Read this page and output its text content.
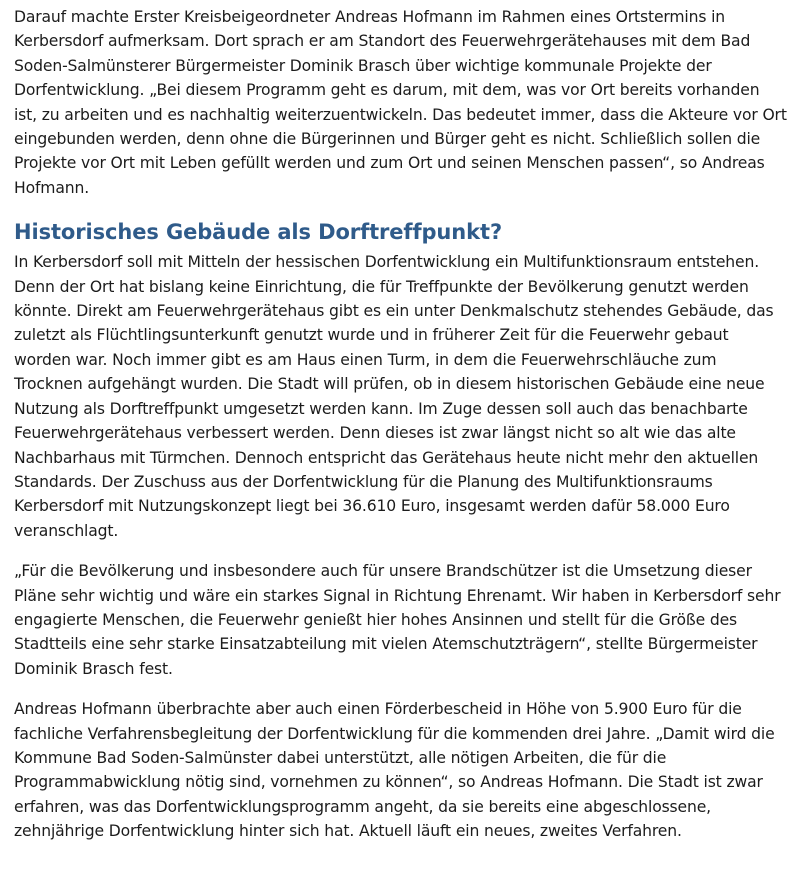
Darauf machte Erster Kreisbeigeordneter Andreas Hofmann im Rahmen eines Ortstermins in Kerbersdorf aufmerksam. Dort sprach er am Standort des Feuerwehrgerätehauses mit dem Bad Soden-Salmünsterer Bürgermeister Dominik Brasch über wichtige kommunale Projekte der Dorfentwicklung. „Bei diesem Programm geht es darum, mit dem, was vor Ort bereits vorhanden ist, zu arbeiten und es nachhaltig weiterzuentwickeln. Das bedeutet immer, dass die Akteure vor Ort eingebunden werden, denn ohne die Bürgerinnen und Bürger geht es nicht. Schließlich sollen die Projekte vor Ort mit Leben gefüllt werden und zum Ort und seinen Menschen passen“, so Andreas Hofmann.

Historisches Gebäude als Dorftreffpunkt?

In Kerbersdorf soll mit Mitteln der hessischen Dorfentwicklung ein Multifunktionsraum entstehen. Denn der Ort hat bislang keine Einrichtung, die für Treffpunkte der Bevölkerung genutzt werden könnte. Direkt am Feuerwehrgerätehaus gibt es ein unter Denkmalschutz stehendes Gebäude, das zuletzt als Flüchtlingsunterkunft genutzt wurde und in früherer Zeit für die Feuerwehr gebaut worden war. Noch immer gibt es am Haus einen Turm, in dem die Feuerwehrschläuche zum Trocknen aufgehängt wurden. Die Stadt will prüfen, ob in diesem historischen Gebäude eine neue Nutzung als Dorftreffpunkt umgesetzt werden kann. Im Zuge dessen soll auch das benachbarte Feuerwehrgerätehaus verbessert werden. Denn dieses ist zwar längst nicht so alt wie das alte Nachbarhaus mit Türmchen. Dennoch entspricht das Gerätehaus heute nicht mehr den aktuellen Standards. Der Zuschuss aus der Dorfentwicklung für die Planung des Multifunktionsraums Kerbersdorf mit Nutzungskonzept liegt bei 36.610 Euro, insgesamt werden dafür 58.000 Euro veranschlagt.

„Für die Bevölkerung und insbesondere auch für unsere Brandschützer ist die Umsetzung dieser Pläne sehr wichtig und wäre ein starkes Signal in Richtung Ehrenamt. Wir haben in Kerbersdorf sehr engagierte Menschen, die Feuerwehr genießt hier hohes Ansinnen und stellt für die Größe des Stadtteils eine sehr starke Einsatzabteilung mit vielen Atemschutzträgern“, stellte Bürgermeister Dominik Brasch fest.

Andreas Hofmann überbrachte aber auch einen Förderbescheid in Höhe von 5.900 Euro für die fachliche Verfahrensbegleitung der Dorfentwicklung für die kommenden drei Jahre. „Damit wird die Kommune Bad Soden-Salmünster dabei unterstützt, alle nötigen Arbeiten, die für die Programmabwicklung nötig sind, vornehmen zu können“, so Andreas Hofmann. Die Stadt ist zwar erfahren, was das Dorfentwicklungsprogramm angeht, da sie bereits eine abgeschlossene, zehnjährige Dorfentwicklung hinter sich hat. Aktuell läuft ein neues, zweites Verfahren.
